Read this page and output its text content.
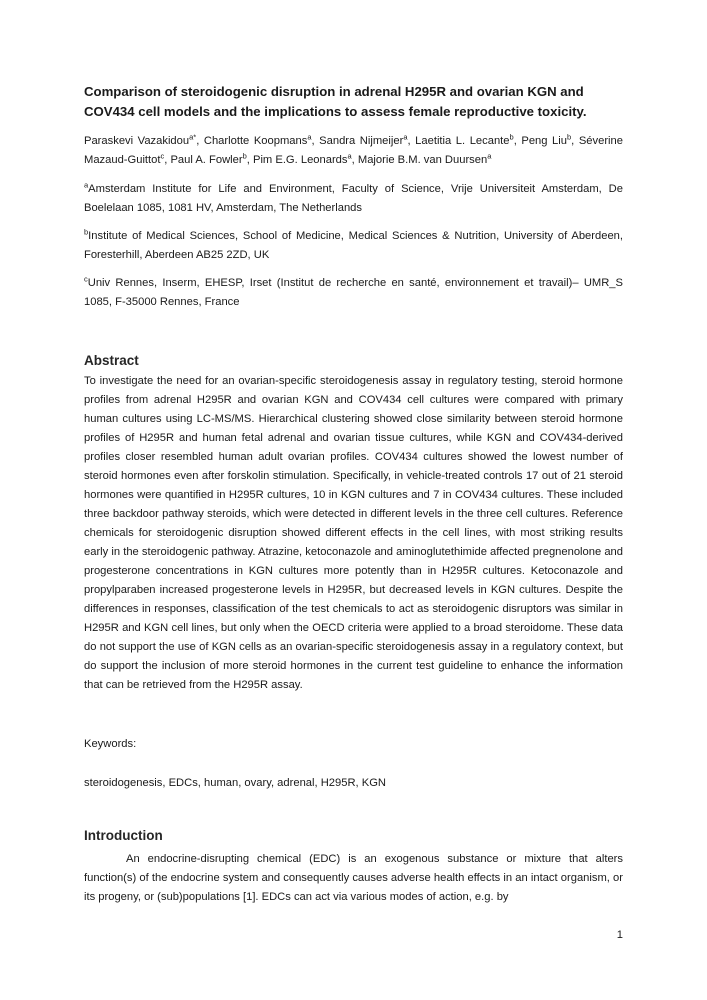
Comparison of steroidogenic disruption in adrenal H295R and ovarian KGN and COV434 cell models and the implications to assess female reproductive toxicity.

Paraskevi Vazakidou$^{a*}$, Charlotte Koopmans$^a$, Sandra Nijmeijer$^a$, Laetitia L. Lecante$^b$, Peng Liu$^b$, Séverine Mazaud-Guittot$^c$, Paul A. Fowler$^b$, Pim E.G. Leonards$^a$, Majorie B.M. van Duursen$^a$

$^a$Amsterdam Institute for Life and Environment, Faculty of Science, Vrije Universiteit Amsterdam, De Boelelaan 1085, 1081 HV, Amsterdam, The Netherlands

$^b$Institute of Medical Sciences, School of Medicine, Medical Sciences & Nutrition, University of Aberdeen, Foresterhill, Aberdeen AB25 2ZD, UK

$^c$Univ Rennes, Inserm, EHESP, Irset (Institut de recherche en santé, environnement et travail)– UMR_S 1085, F-35000 Rennes, France

Abstract

To investigate the need for an ovarian-specific steroidogenesis assay in regulatory testing, steroid hormone profiles from adrenal H295R and ovarian KGN and COV434 cell cultures were compared with primary human cultures using LC-MS/MS. Hierarchical clustering showed close similarity between steroid hormone profiles of H295R and human fetal adrenal and ovarian tissue cultures, while KGN and COV434-derived profiles closer resembled human adult ovarian profiles. COV434 cultures showed the lowest number of steroid hormones even after forskolin stimulation. Specifically, in vehicle-treated controls 17 out of 21 steroid hormones were quantified in H295R cultures, 10 in KGN cultures and 7 in COV434 cultures. These included three backdoor pathway steroids, which were detected in different levels in the three cell cultures. Reference chemicals for steroidogenic disruption showed different effects in the cell lines, with most striking results early in the steroidogenic pathway. Atrazine, ketoconazole and aminoglutethimide affected pregnenolone and progesterone concentrations in KGN cultures more potently than in H295R cultures. Ketoconazole and propylparaben increased progesterone levels in H295R, but decreased levels in KGN cultures. Despite the differences in responses, classification of the test chemicals to act as steroidogenic disruptors was similar in H295R and KGN cell lines, but only when the OECD criteria were applied to a broad steroidome. These data do not support the use of KGN cells as an ovarian-specific steroidogenesis assay in a regulatory context, but do support the inclusion of more steroid hormones in the current test guideline to enhance the information that can be retrieved from the H295R assay.

Keywords:

steroidogenesis, EDCs, human, ovary, adrenal, H295R, KGN

Introduction

An endocrine-disrupting chemical (EDC) is an exogenous substance or mixture that alters function(s) of the endocrine system and consequently causes adverse health effects in an intact organism, or its progeny, or (sub)populations [1]. EDCs can act via various modes of action, e.g. by

1
